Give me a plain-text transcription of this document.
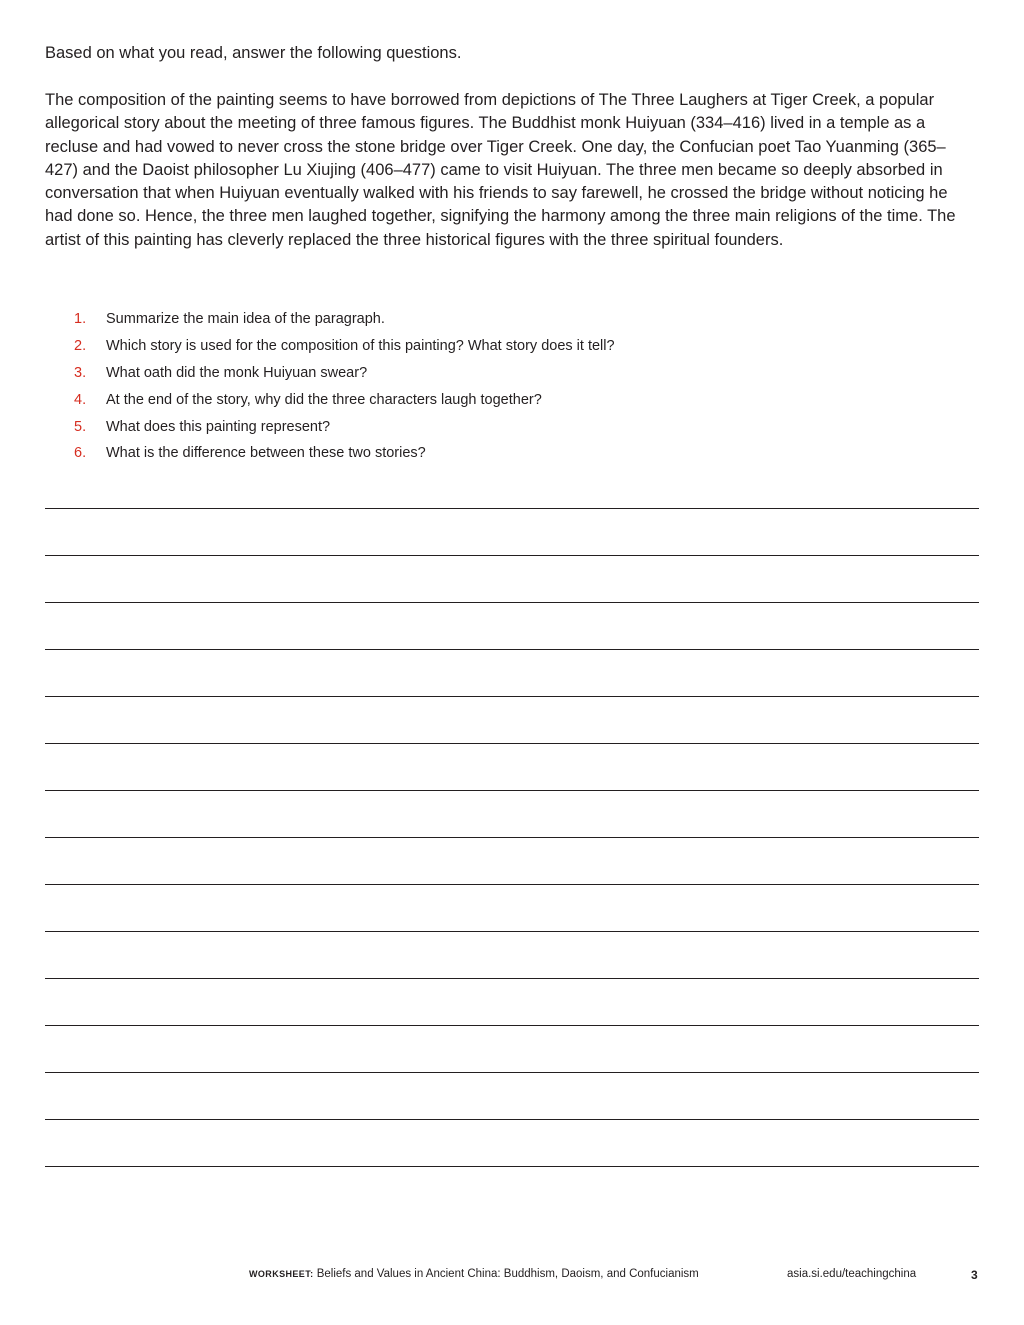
Based on what you read, answer the following questions.

The composition of the painting seems to have borrowed from depictions of The Three Laughers at Tiger Creek, a popular allegorical story about the meeting of three famous figures. The Buddhist monk Huiyuan (334–416) lived in a temple as a recluse and had vowed to never cross the stone bridge over Tiger Creek. One day, the Confucian poet Tao Yuanming (365–427) and the Daoist philosopher Lu Xiujing (406–477) came to visit Huiyuan. The three men became so deeply absorbed in conversation that when Huiyuan eventually walked with his friends to say farewell, he crossed the bridge without noticing he had done so. Hence, the three men laughed together, signifying the harmony among the three main religions of the time. The artist of this painting has cleverly replaced the three historical figures with the three spiritual founders.

1.	Summarize the main idea of the paragraph.
2.	Which story is used for the composition of this painting? What story does it tell?
3.	What oath did the monk Huiyuan swear?
4.	At the end of the story, why did the three characters laugh together?
5.	What does this painting represent?
6.	What is the difference between these two stories?
WORKSHEET: Beliefs and Values in Ancient China: Buddhism, Daoism, and Confucianism	asia.si.edu/teachingchina	3
